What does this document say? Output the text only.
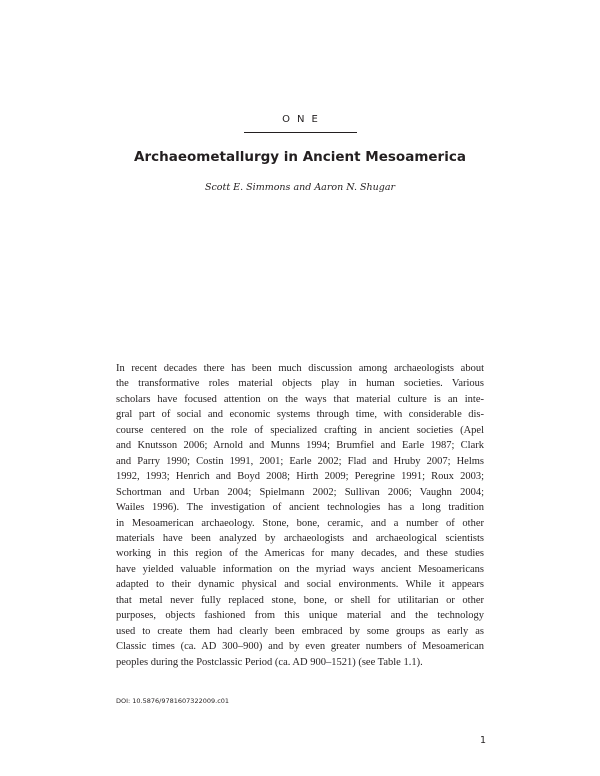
ONE
Archaeometallurgy in Ancient Mesoamerica
Scott E. Simmons and Aaron N. Shugar
In recent decades there has been much discussion among archaeologists about
the transformative roles material objects play in human societies. Various
scholars have focused attention on the ways that material culture is an inte-
gral part of social and economic systems through time, with considerable dis-
course centered on the role of specialized crafting in ancient societies (Apel
and Knutsson 2006; Arnold and Munns 1994; Brumfiel and Earle 1987; Clark
and Parry 1990; Costin 1991, 2001; Earle 2002; Flad and Hruby 2007; Helms
1992, 1993; Henrich and Boyd 2008; Hirth 2009; Peregrine 1991; Roux 2003;
Schortman and Urban 2004; Spielmann 2002; Sullivan 2006; Vaughn 2004;
Wailes 1996). The investigation of ancient technologies has a long tradition
in Mesoamerican archaeology. Stone, bone, ceramic, and a number of other
materials have been analyzed by archaeologists and archaeological scientists
working in this region of the Americas for many decades, and these studies
have yielded valuable information on the myriad ways ancient Mesoamericans
adapted to their dynamic physical and social environments. While it appears
that metal never fully replaced stone, bone, or shell for utilitarian or other
purposes, objects fashioned from this unique material and the technology
used to create them had clearly been embraced by some groups as early as
Classic times (ca. AD 300–900) and by even greater numbers of Mesoamerican
peoples during the Postclassic Period (ca. AD 900–1521) (see Table 1.1).
DOI: 10.5876/9781607322009.c01
1
